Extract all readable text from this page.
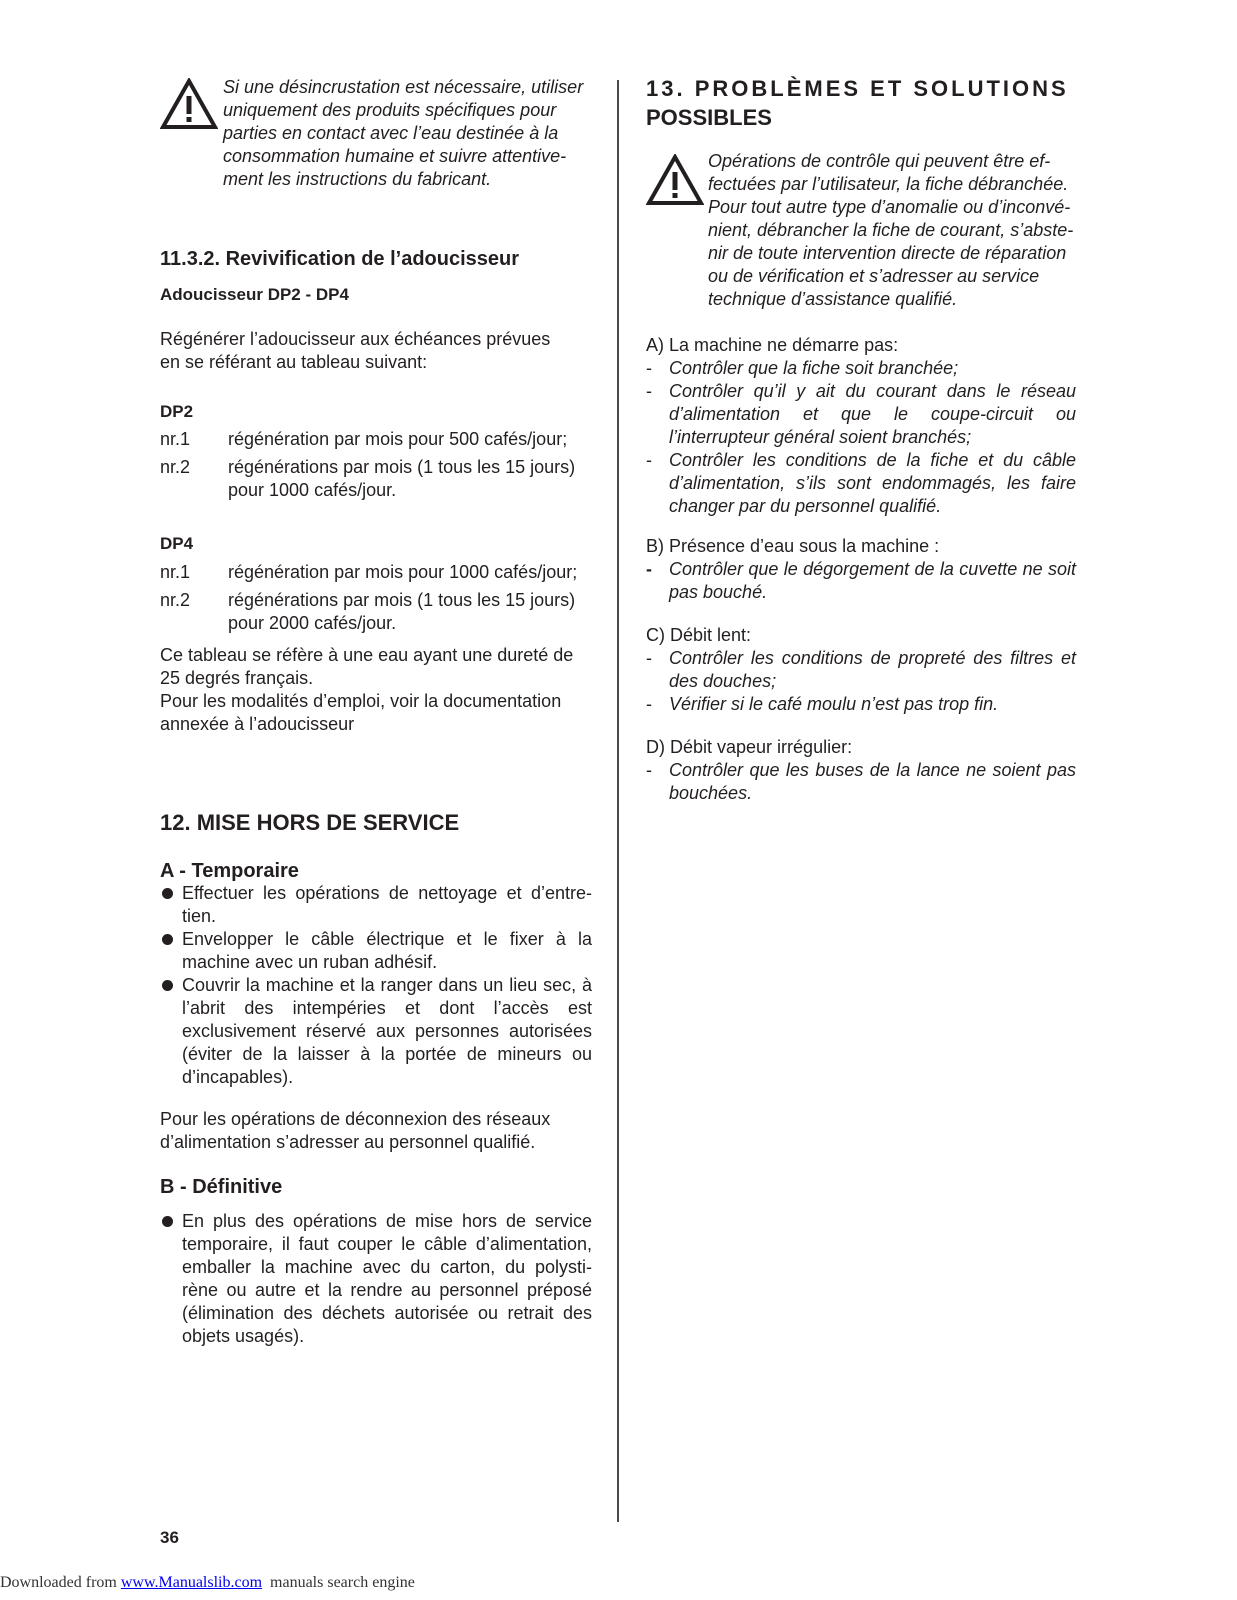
Si une désincrustation est nécessaire, utiliser
uniquement des produits spécifiques pour
parties en contact avec l’eau destinée à la
consommation humaine et suivre attentive-
ment les instructions du fabricant.
11.3.2. Revivification de l’adoucisseur
Adoucisseur DP2 - DP4
Régénérer l’adoucisseur aux échéances prévues
en se référant au tableau suivant:
DP2
nr.1 régénération par mois pour 500 cafés/jour;
nr.2 régénérations par mois (1 tous les 15 jours)
pour 1000 cafés/jour.
DP4
nr.1 régénération par mois pour 1000 cafés/jour;
nr.2 régénérations par mois (1 tous les 15 jours)
pour 2000 cafés/jour.
Ce tableau se réfère à une eau ayant une dureté de
25 degrés français.
Pour les modalités d’emploi, voir la documentation
annexée à l’adoucisseur
12. MISE HORS DE SERVICE
A - Temporaire
Effectuer les opérations de nettoyage et d’entre-tien.
Envelopper le câble électrique et le fixer à la machine avec un ruban adhésif.
Couvrir la machine et la ranger dans un lieu sec, à l’abrit des intempéries et dont l’accès est exclusivement réservé aux personnes autorisées (éviter de la laisser à la portée de mineurs ou d’incapables).
Pour les opérations de déconnexion des réseaux
d’alimentation s’adresser au personnel qualifié.
B - Définitive
En plus des opérations de mise hors de service temporaire, il faut couper le câble d’alimentation, emballer la machine avec du carton, du polysti-rène ou autre et la rendre au personnel préposé (élimination des déchets autorisée ou retrait des objets usagés).
13. PROBLÈMES ET SOLUTIONS
POSSIBLES
Opérations de contrôle qui peuvent être ef-
fectuées par l’utilisateur, la fiche débranchée.
Pour tout autre type d’anomalie ou d’inconvé-
nient, débrancher la fiche de courant, s’abste-
nir de toute intervention directe de réparation
ou de vérification et s’adresser au service
technique d’assistance qualifié.
A) La machine ne démarre pas:
- Contrôler que la fiche soit branchée;
- Contrôler qu’il y ait du courant dans le réseau d’alimentation et que le coupe-circuit ou l’interrupteur général soient branchés;
- Contrôler les conditions de la fiche et du câble d’alimentation, s’ils sont endommagés, les faire changer par du personnel qualifié.
B) Présence d’eau sous la machine :
- Contrôler que le dégorgement de la cuvette ne soit pas bouché.
C) Débit lent:
- Contrôler les conditions de propreté des filtres et des douches;
- Vérifier si le café moulu n’est pas trop fin.
D) Débit vapeur irrégulier:
- Contrôler que les buses de la lance ne soient pas bouchées.
36
Downloaded from www.Manualslib.com  manuals search engine
